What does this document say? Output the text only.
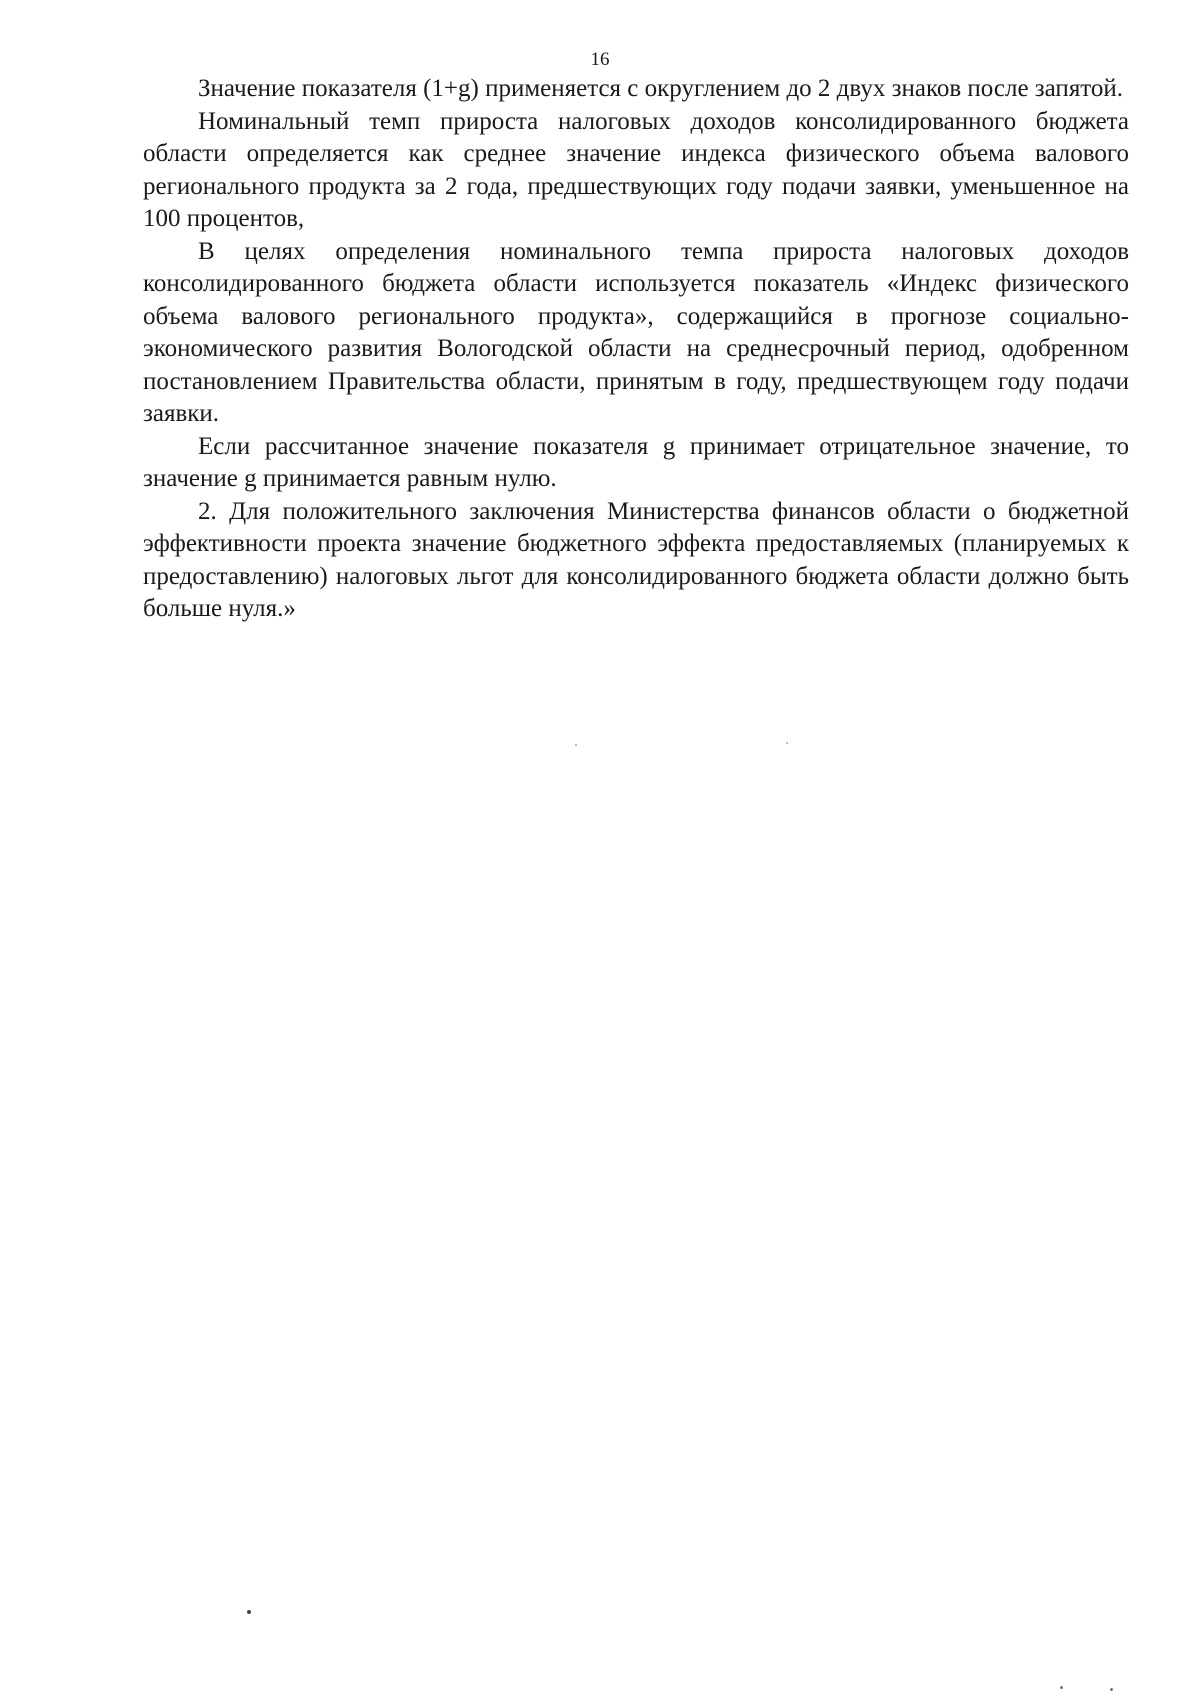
16

Значение показателя (1+g) применяется с округлением до 2 двух знаков после запятой.

Номинальный темп прироста налоговых доходов консолидированного бюджета области определяется как среднее значение индекса физического объема валового регионального продукта за 2 года, предшествующих году подачи заявки, уменьшенное на 100 процентов,

В целях определения номинального темпа прироста налоговых доходов консолидированного бюджета области используется показатель «Индекс физического объема валового регионального продукта», содержащийся в прогнозе социально-экономического развития Вологодской области на среднесрочный период, одобренном постановлением Правительства области, принятым в году, предшествующем году подачи заявки.

Если рассчитанное значение показателя g принимает отрицательное значение, то значение g принимается равным нулю.

2. Для положительного заключения Министерства финансов области о бюджетной эффективности проекта значение бюджетного эффекта предоставляемых (планируемых к предоставлению) налоговых льгот для консолидированного бюджета области должно быть больше нуля.»
